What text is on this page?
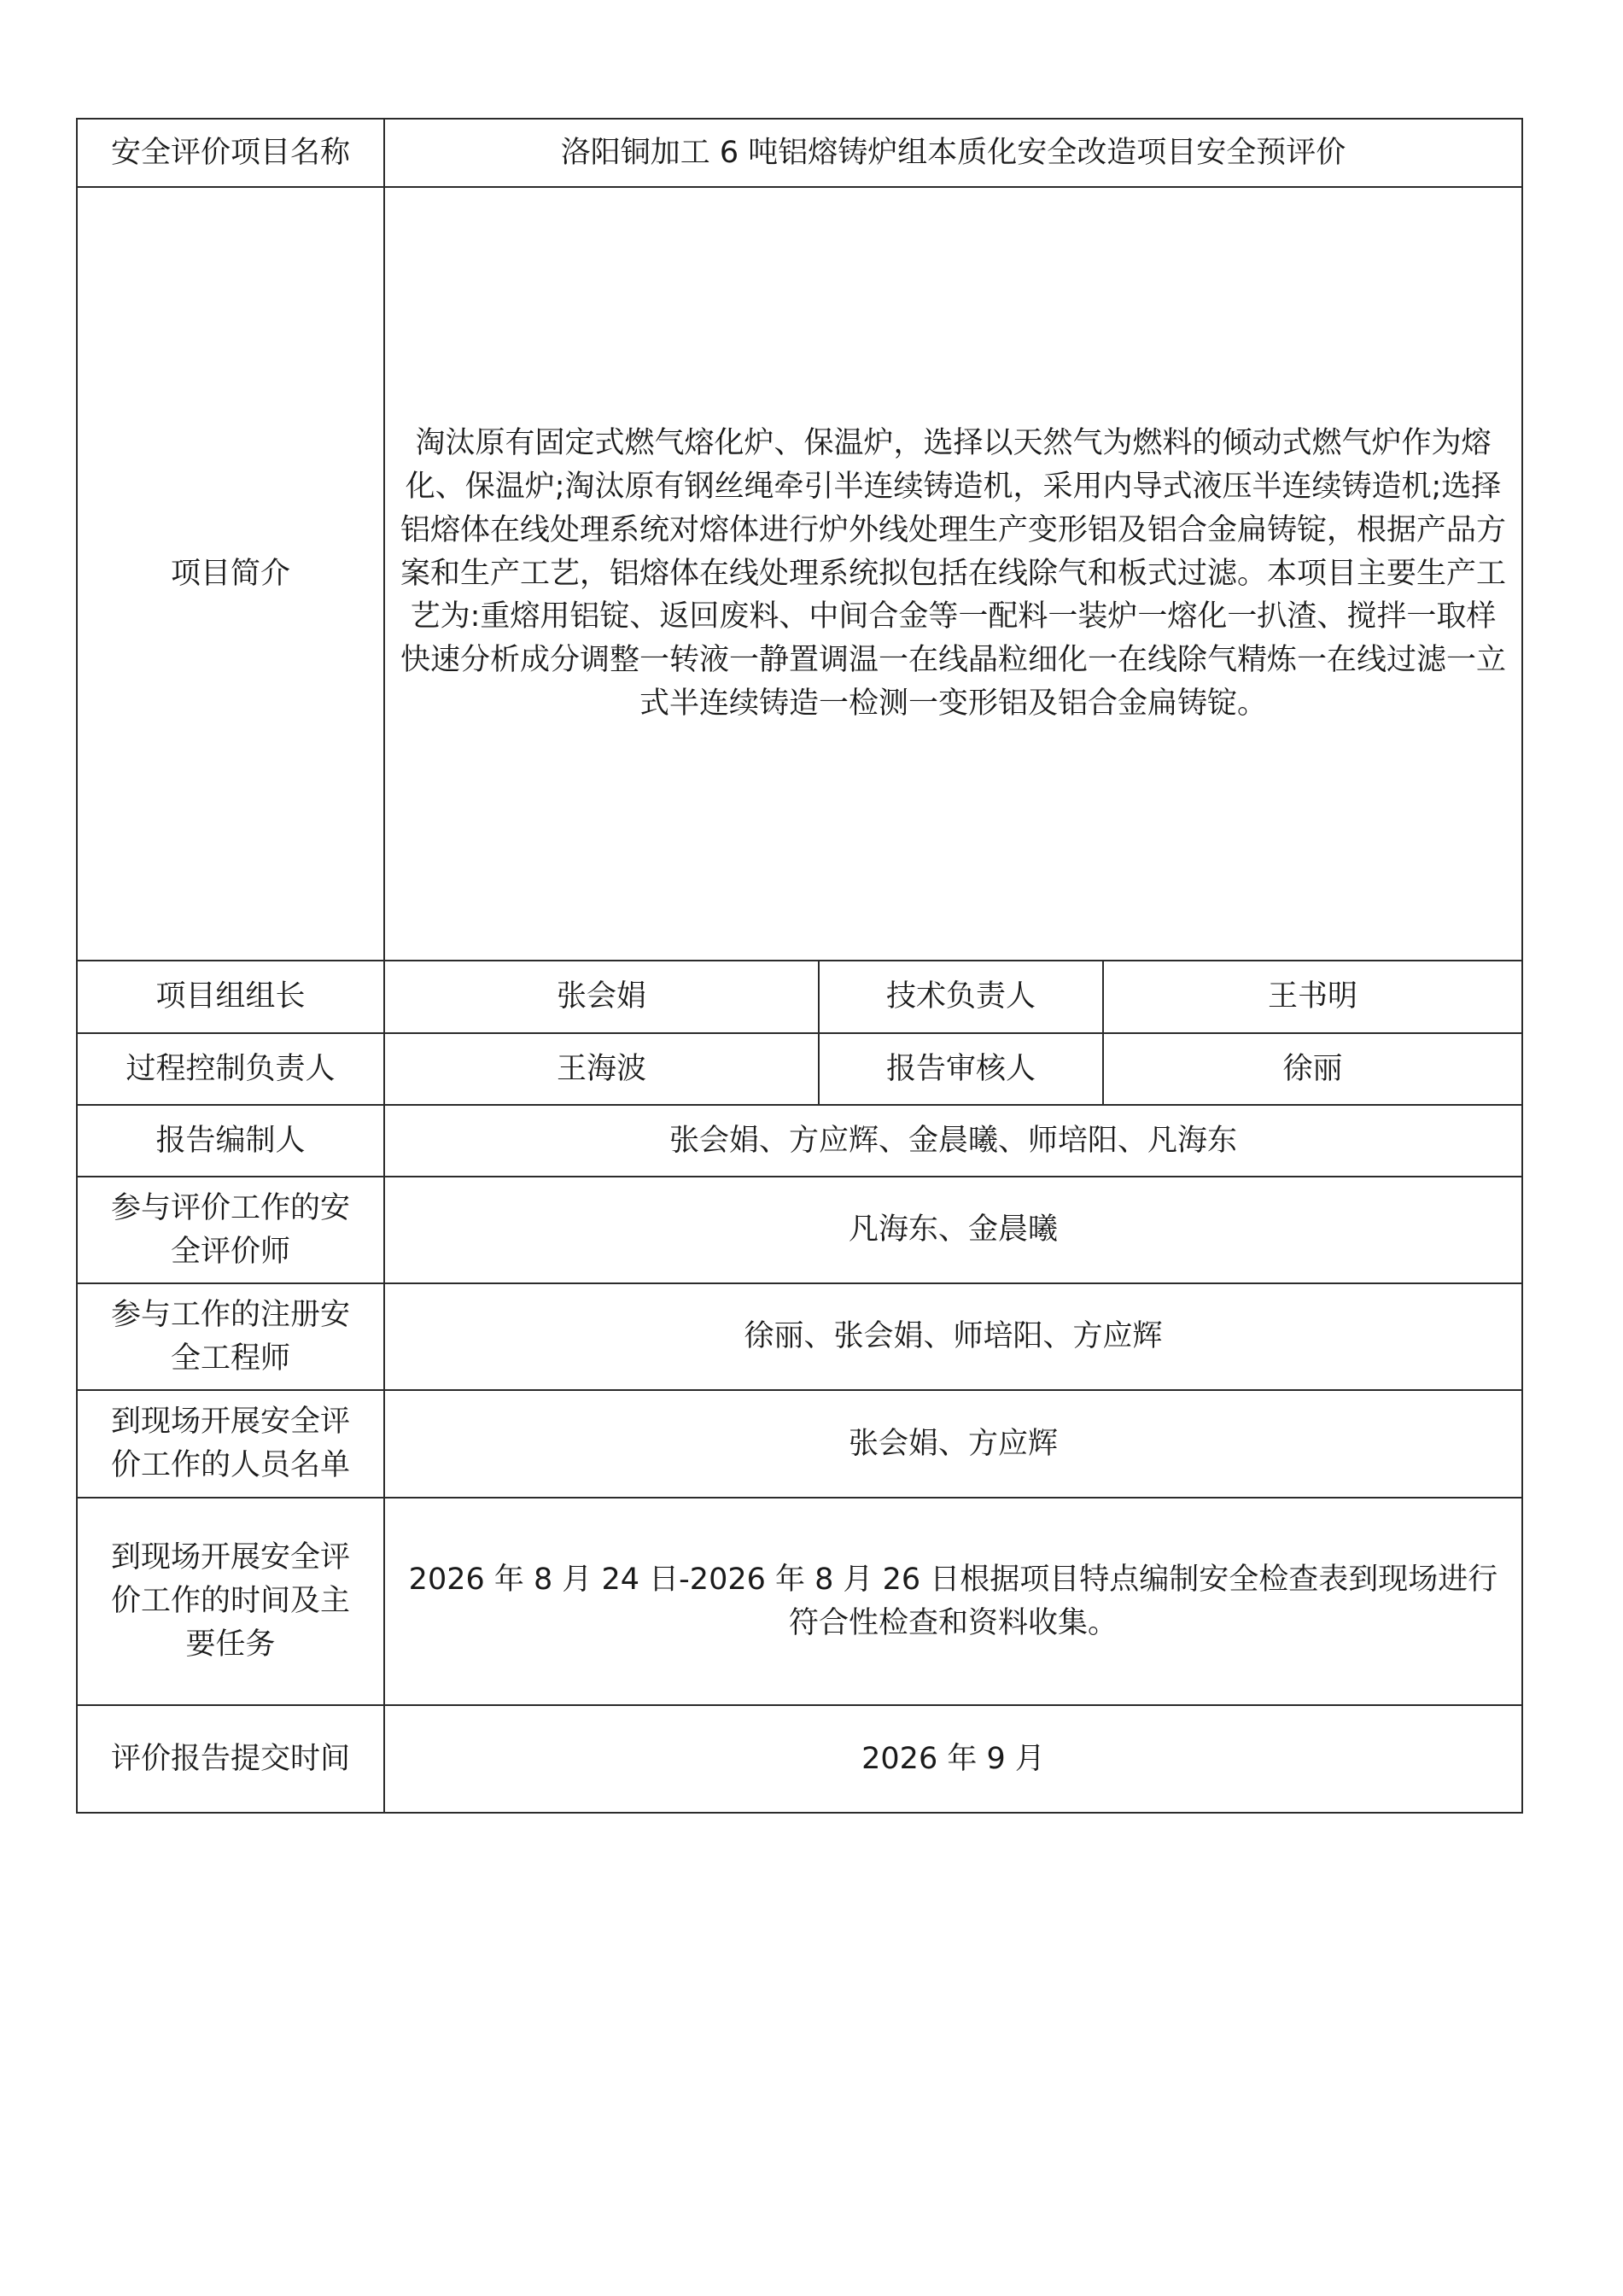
安全评价项目名称	洛阳铜加工 6 吨铝熔铸炉组本质化安全改造项目安全预评价		
项目简介	淘汰原有固定式燃气熔化炉、保温炉，选择以天然气为燃料的倾动式燃气炉作为熔化、保温炉;淘汰原有钢丝绳牵引半连续铸造机，采用内导式液压半连续铸造机;选择铝熔体在线处理系统对熔体进行炉外线处理生产变形铝及铝合金扁铸锭，根据产品方案和生产工艺，铝熔体在线处理系统拟包括在线除气和板式过滤。本项目主要生产工艺为:重熔用铝锭、返回废料、中间合金等一配料一装炉一熔化一扒渣、搅拌一取样快速分析成分调整一转液一静置调温一在线晶粒细化一在线除气精炼一在线过滤一立式半连续铸造一检测一变形铝及铝合金扁铸锭。		
项目组组长	张会娟	技术负责人	王书明
过程控制负责人	王海波	报告审核人	徐丽
报告编制人	张会娟、方应辉、金晨曦、师培阳、凡海东		

参与评价工作的安
全评价师	凡海东、金晨曦		

参与工作的注册安
全工程师	徐丽、张会娟、师培阳、方应辉		

到现场开展安全评
价工作的人员名单	张会娟、方应辉		

到现场开展安全评
价工作的时间及主
要任务	2026 年 8 月 24 日-2026 年 8 月 26 日根据项目特点编制安全检查表到现场进行符合性检查和资料收集。		
评价报告提交时间	2026 年 9 月		
